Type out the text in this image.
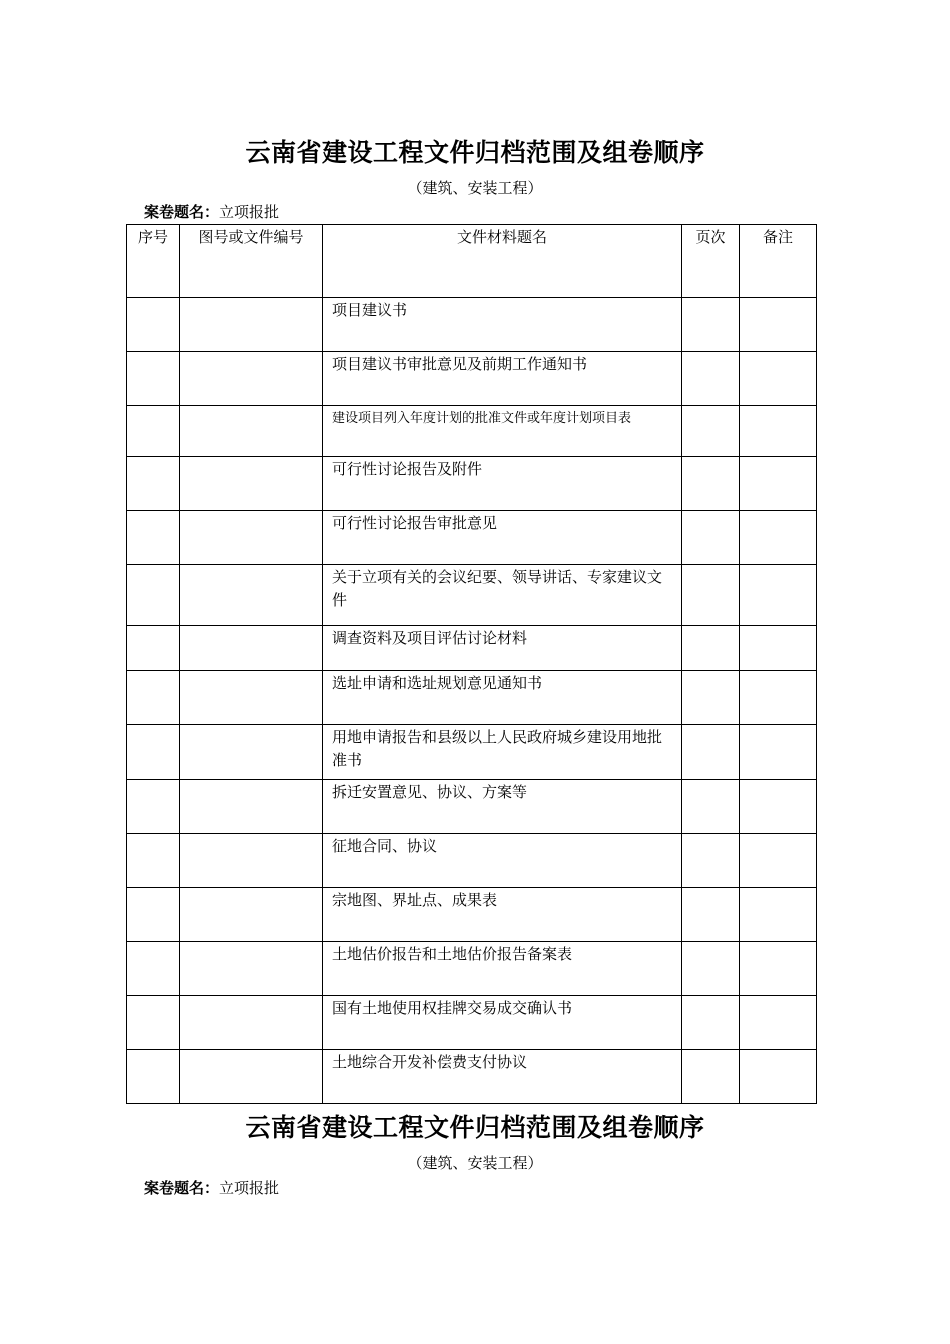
云南省建设工程文件归档范围及组卷顺序
（建筑、安装工程）
案卷题名：立项报批
序号	图号或文件编号	文件材料题名	页次	备注
		项目建议书		
		项目建议书审批意见及前期工作通知书		
		建设项目列入年度计划的批准文件或年度计划项目表		
		可行性讨论报告及附件		
		可行性讨论报告审批意见		
		关于立项有关的会议纪要、领导讲话、专家建议文件		
		调查资料及项目评估讨论材料		
		选址申请和选址规划意见通知书		
		用地申请报告和县级以上人民政府城乡建设用地批准书		
		拆迁安置意见、协议、方案等		
		征地合同、协议		
		宗地图、界址点、成果表		
		土地估价报告和土地估价报告备案表		
		国有土地使用权挂牌交易成交确认书		
		土地综合开发补偿费支付协议		
云南省建设工程文件归档范围及组卷顺序
（建筑、安装工程）
案卷题名：立项报批
